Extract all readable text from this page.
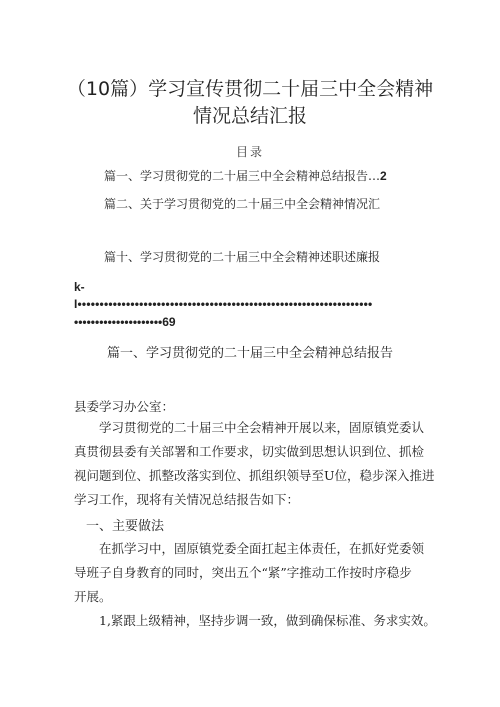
（10篇）学习宣传贯彻二十届三中全会精神
情况总结汇报
目录
篇一、学习贯彻党的二十届三中全会精神总结报告…2
篇二、关于学习贯彻党的二十届三中全会精神情况汇
篇十、学习贯彻党的二十届三中全会精神述职述廉报
k-
I•••••••••••••••••••••••••••••••••••••••••••••••••••••••••••••••••••
•••••••••••••••••••••69
篇一、学习贯彻党的二十届三中全会精神总结报告
县委学习办公室：
学习贯彻党的二十届三中全会精神开展以来，固原镇党委认
真贯彻县委有关部署和工作要求，切实做到思想认识到位、抓检
视问题到位、抓整改落实到位、抓组织领导至U位，稳步深入推进
学习工作，现将有关情况总结报告如下：
一、主要做法
在抓学习中，固原镇党委全面扛起主体责任，在抓好党委领
导班子自身教育的同时，突出五个“紧”字推动工作按时序稳步
开展。
1,紧跟上级精神，坚持步调一致，做到确保标准、务求实效。
